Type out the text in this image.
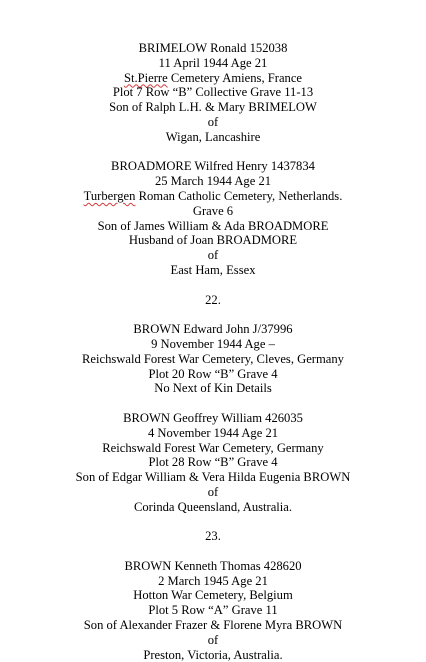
BRIMELOW Ronald 152038
11 April 1944 Age 21
St.Pierre Cemetery Amiens, France
Plot 7 Row “B” Collective Grave 11-13
Son of Ralph L.H. & Mary BRIMELOW
of
Wigan, Lancashire
BROADMORE Wilfred Henry 1437834
25 March 1944 Age 21
Turbergen Roman Catholic Cemetery, Netherlands.
Grave 6
Son of James William & Ada BROADMORE
Husband of Joan BROADMORE
of
East Ham, Essex
22.
BROWN Edward John J/37996
9 November 1944 Age –
Reichswald Forest War Cemetery, Cleves, Germany
Plot 20 Row “B” Grave 4
No Next of Kin Details
BROWN Geoffrey William 426035
4 November 1944 Age 21
Reichswald Forest War Cemetery, Germany
Plot 28 Row “B” Grave 4
Son of Edgar William & Vera Hilda Eugenia BROWN
of
Corinda Queensland, Australia.
23.
BROWN Kenneth Thomas 428620
2 March 1945 Age 21
Hotton War Cemetery, Belgium
Plot 5 Row “A” Grave 11
Son of Alexander Frazer & Florene Myra BROWN
of
Preston, Victoria, Australia.
